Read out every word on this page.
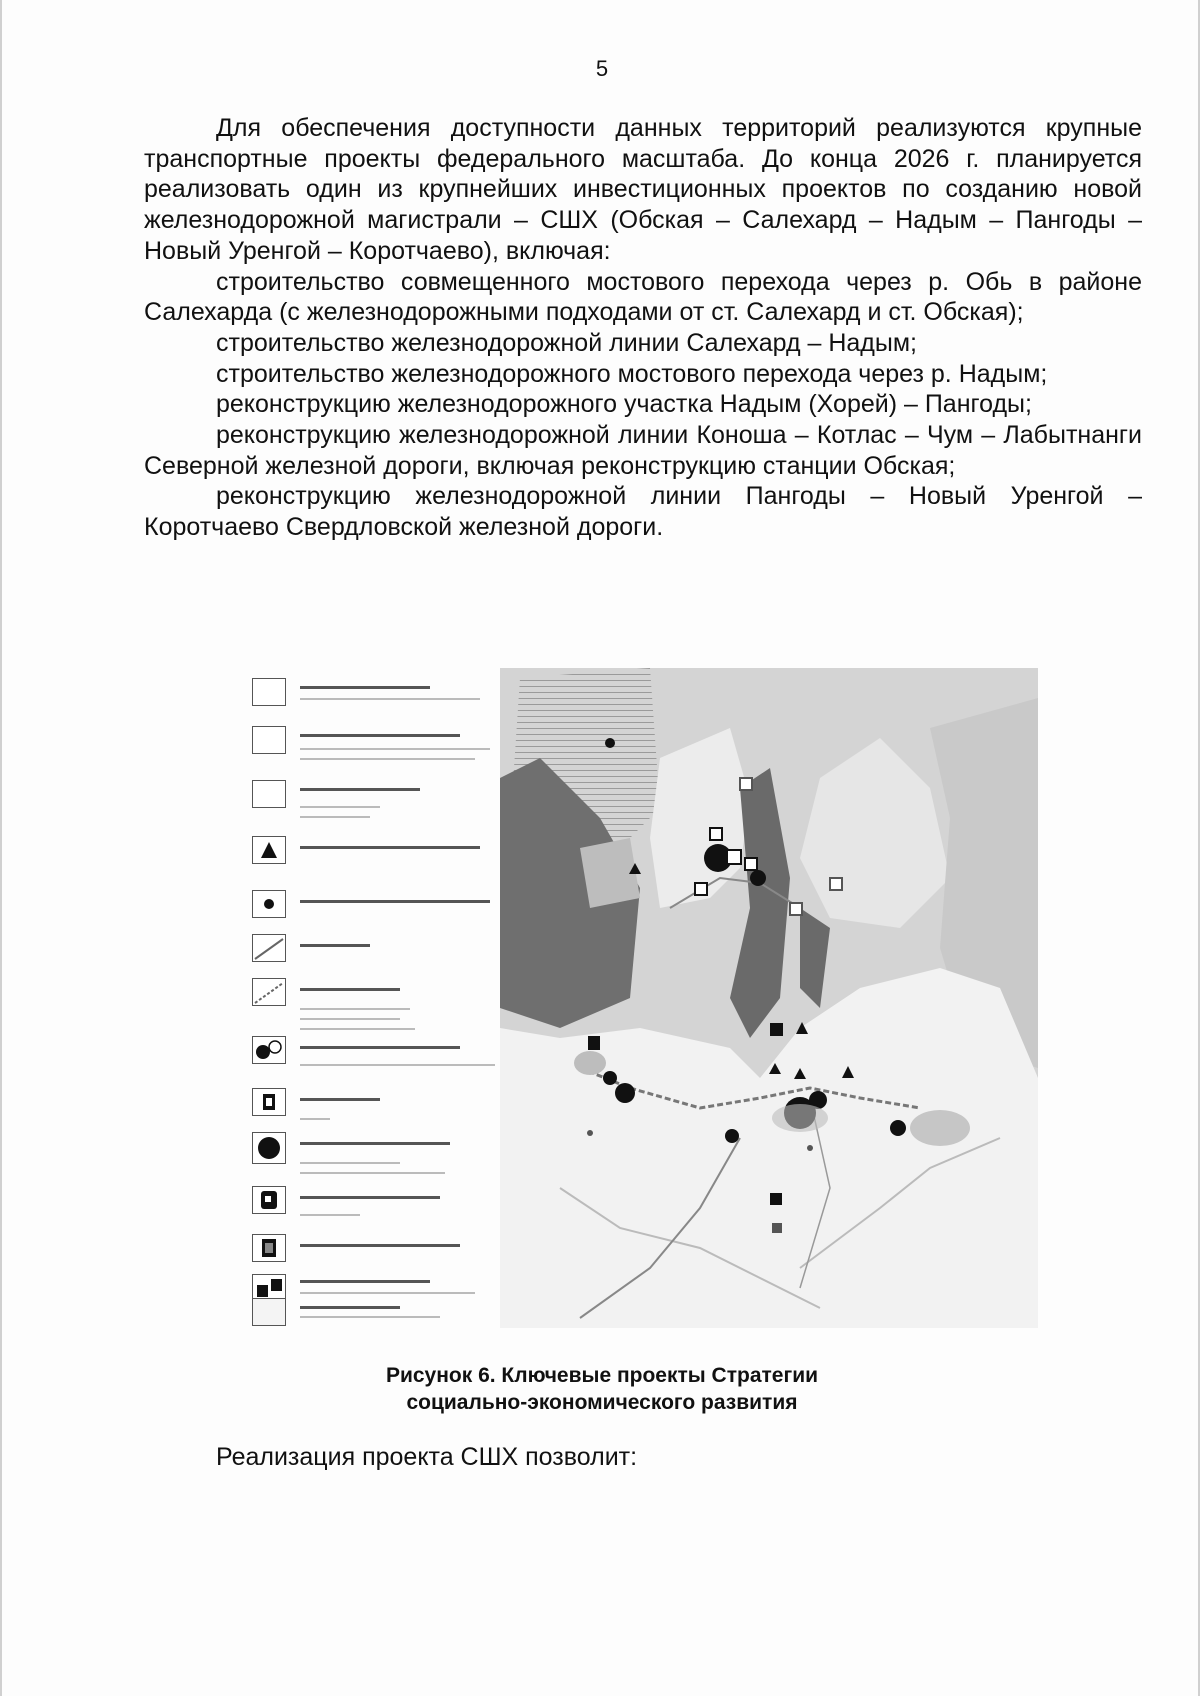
5

Для обеспечения доступности данных территорий реализуются крупные транспортные проекты федерального масштаба. До конца 2026 г. планируется реализовать один из крупнейших инвестиционных проектов по созданию новой железнодорожной магистрали – СШХ (Обская – Салехард – Надым – Пангоды – Новый Уренгой – Коротчаево), включая:

строительство совмещенного мостового перехода через р. Обь в районе Салехарда (с железнодорожными подходами от ст. Салехард и ст. Обская);

строительство железнодорожной линии Салехард – Надым;

строительство железнодорожного мостового перехода через р. Надым;

реконструкцию железнодорожного участка Надым (Хорей) – Пангоды;

реконструкцию железнодорожной линии Коноша – Котлас – Чум – Лабытнанги Северной железной дороги, включая реконструкцию станции Обская;

реконструкцию железнодорожной линии Пангоды – Новый Уренгой – Коротчаево Свердловской железной дороги.

Рисунок 6. Ключевые проекты Стратегии
социально-экономического развития
Реализация проекта СШХ позволит:
